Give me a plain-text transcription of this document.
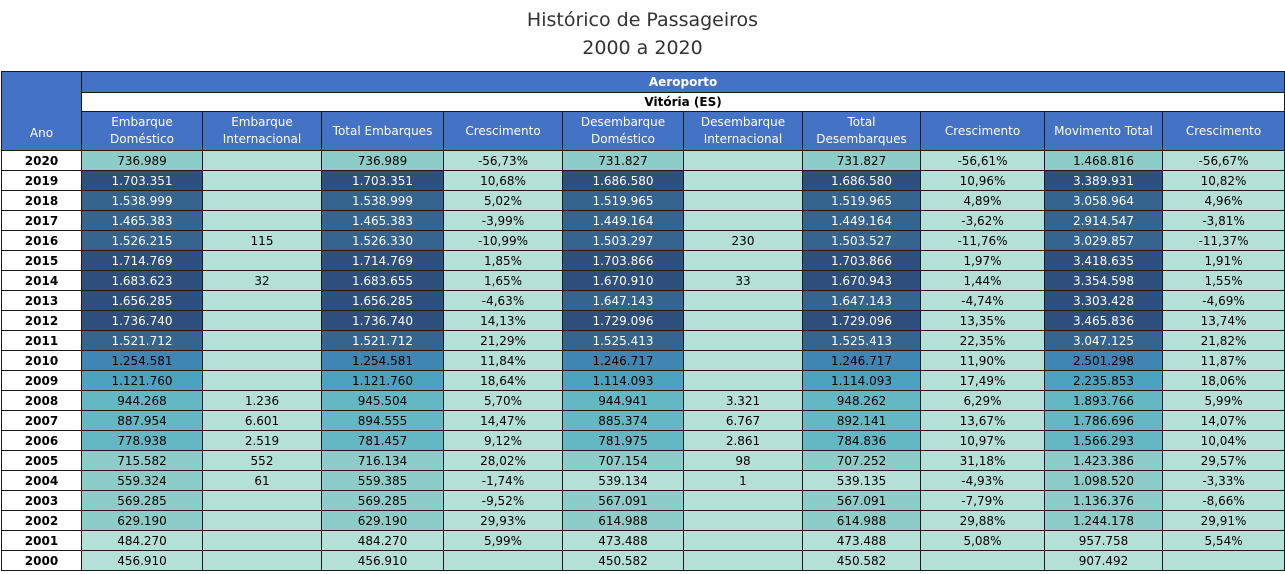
Histórico de Passageiros
2000 a 2020
Ano	Aeroporto									
	Vitória (ES)									
	Embarque Doméstico	Embarque Internacional	Total Embarques	Crescimento	Desembarque Doméstico	Desembarque Internacional	Total Desembarques	Crescimento	Movimento Total	Crescimento
2020	736.989		736.989	-56,73%	731.827		731.827	-56,61%	1.468.816	-56,67%
2019	1.703.351		1.703.351	10,68%	1.686.580		1.686.580	10,96%	3.389.931	10,82%
2018	1.538.999		1.538.999	5,02%	1.519.965		1.519.965	4,89%	3.058.964	4,96%
2017	1.465.383		1.465.383	-3,99%	1.449.164		1.449.164	-3,62%	2.914.547	-3,81%
2016	1.526.215	115	1.526.330	-10,99%	1.503.297	230	1.503.527	-11,76%	3.029.857	-11,37%
2015	1.714.769		1.714.769	1,85%	1.703.866		1.703.866	1,97%	3.418.635	1,91%
2014	1.683.623	32	1.683.655	1,65%	1.670.910	33	1.670.943	1,44%	3.354.598	1,55%
2013	1.656.285		1.656.285	-4,63%	1.647.143		1.647.143	-4,74%	3.303.428	-4,69%
2012	1.736.740		1.736.740	14,13%	1.729.096		1.729.096	13,35%	3.465.836	13,74%
2011	1.521.712		1.521.712	21,29%	1.525.413		1.525.413	22,35%	3.047.125	21,82%
2010	1.254.581		1.254.581	11,84%	1.246.717		1.246.717	11,90%	2.501.298	11,87%
2009	1.121.760		1.121.760	18,64%	1.114.093		1.114.093	17,49%	2.235.853	18,06%
2008	944.268	1.236	945.504	5,70%	944.941	3.321	948.262	6,29%	1.893.766	5,99%
2007	887.954	6.601	894.555	14,47%	885.374	6.767	892.141	13,67%	1.786.696	14,07%
2006	778.938	2.519	781.457	9,12%	781.975	2.861	784.836	10,97%	1.566.293	10,04%
2005	715.582	552	716.134	28,02%	707.154	98	707.252	31,18%	1.423.386	29,57%
2004	559.324	61	559.385	-1,74%	539.134	1	539.135	-4,93%	1.098.520	-3,33%
2003	569.285		569.285	-9,52%	567.091		567.091	-7,79%	1.136.376	-8,66%
2002	629.190		629.190	29,93%	614.988		614.988	29,88%	1.244.178	29,91%
2001	484.270		484.270	5,99%	473.488		473.488	5,08%	957.758	5,54%
2000	456.910		456.910		450.582		450.582		907.492	
